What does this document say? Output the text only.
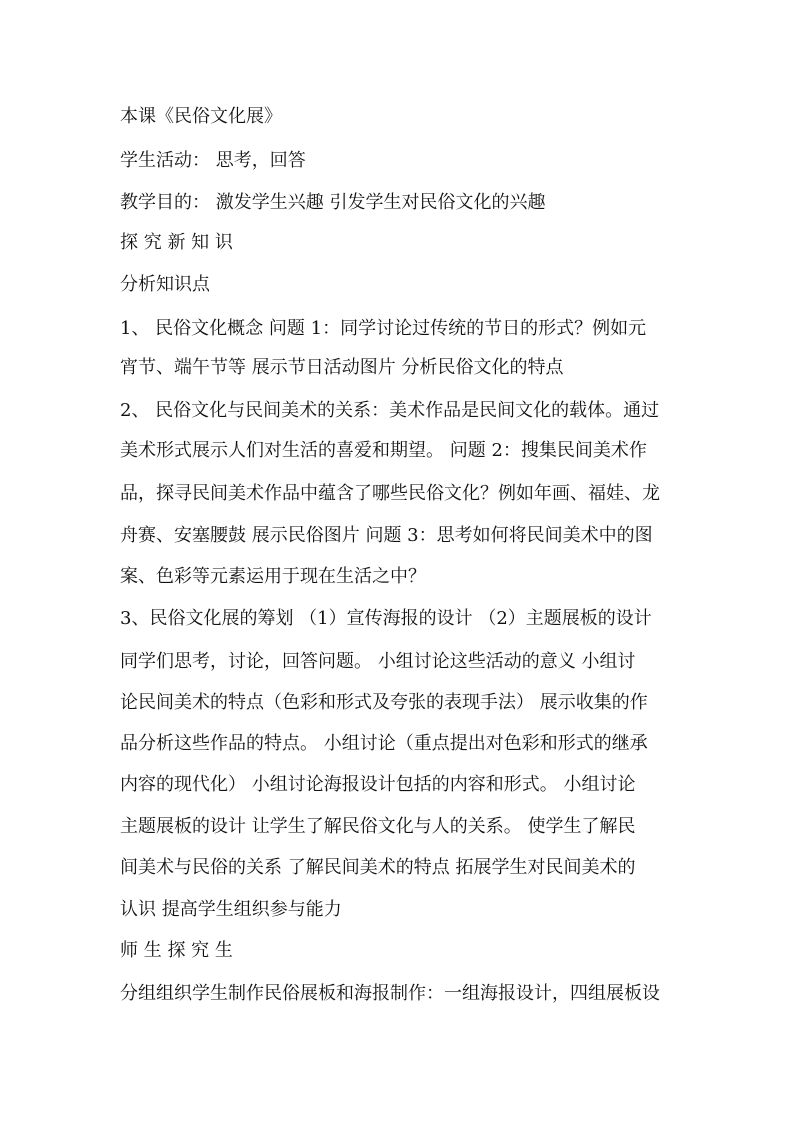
本课《民俗文化展》
学生活动： 思考，回答
教学目的： 激发学生兴趣 引发学生对民俗文化的兴趣
探 究 新 知 识
分析知识点
1、 民俗文化概念 问题 1：同学讨论过传统的节日的形式？例如元
宵节、端午节等 展示节日活动图片 分析民俗文化的特点
2、 民俗文化与民间美术的关系：美术作品是民间文化的载体。通过
美术形式展示人们对生活的喜爱和期望。 问题 2：搜集民间美术作
品，探寻民间美术作品中蕴含了哪些民俗文化？例如年画、福娃、龙
舟赛、安塞腰鼓 展示民俗图片 问题 3：思考如何将民间美术中的图
案、色彩等元素运用于现在生活之中？
3、民俗文化展的筹划 （1）宣传海报的设计 （2）主题展板的设计
同学们思考，讨论，回答问题。 小组讨论这些活动的意义 小组讨
论民间美术的特点（色彩和形式及夸张的表现手法） 展示收集的作
品分析这些作品的特点。 小组讨论（重点提出对色彩和形式的继承
内容的现代化） 小组讨论海报设计包括的内容和形式。 小组讨论
主题展板的设计 让学生了解民俗文化与人的关系。 使学生了解民
间美术与民俗的关系 了解民间美术的特点 拓展学生对民间美术的
认识 提高学生组织参与能力
师 生 探 究 生
分组组织学生制作民俗展板和海报制作：一组海报设计，四组展板设
